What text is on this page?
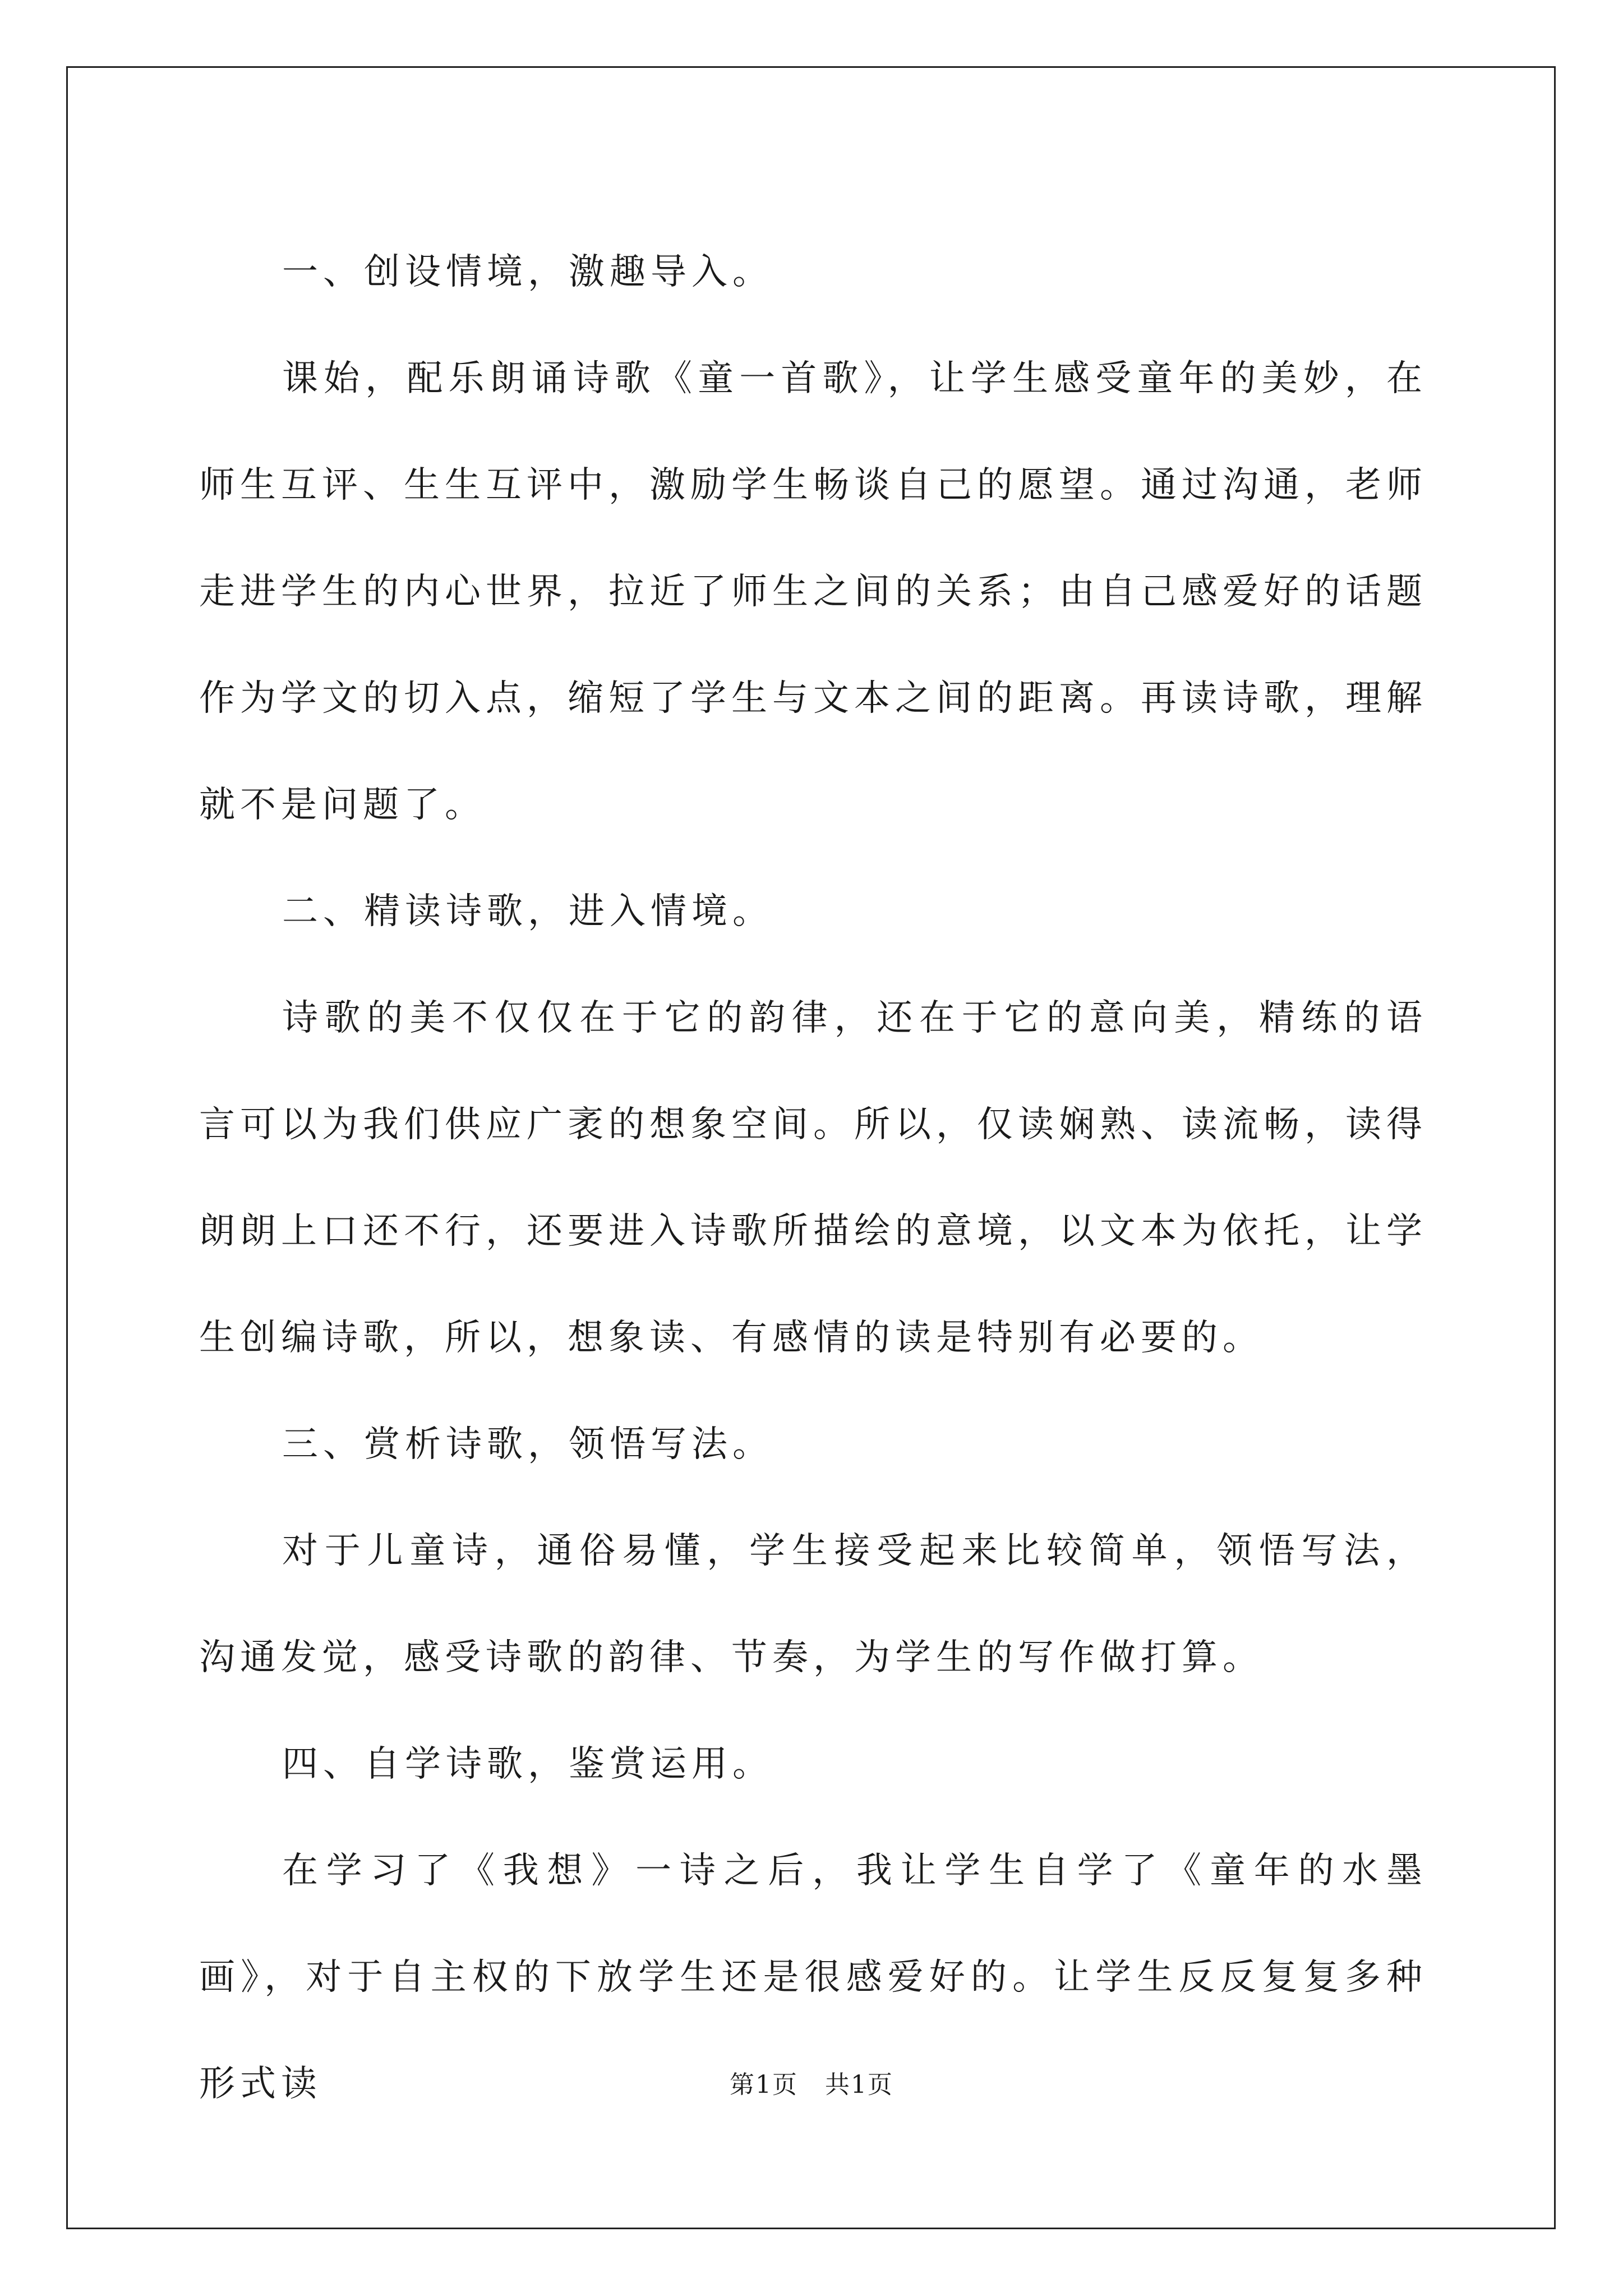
一、创设情境，激趣导入。

课始，配乐朗诵诗歌《童一首歌》，让学生感受童年的美妙，在师生互评、生生互评中，激励学生畅谈自己的愿望。通过沟通，老师走进学生的内心世界，拉近了师生之间的关系；由自己感爱好的话题作为学文的切入点，缩短了学生与文本之间的距离。再读诗歌，理解就不是问题了。

二、精读诗歌，进入情境。

诗歌的美不仅仅在于它的韵律，还在于它的意向美，精练的语言可以为我们供应广袤的想象空间。所以，仅读娴熟、读流畅，读得朗朗上口还不行，还要进入诗歌所描绘的意境，以文本为依托，让学生创编诗歌，所以，想象读、有感情的读是特别有必要的。

三、赏析诗歌，领悟写法。

对于儿童诗，通俗易懂，学生接受起来比较简单，领悟写法，沟通发觉，感受诗歌的韵律、节奏，为学生的写作做打算。

四、自学诗歌，鉴赏运用。

在学习了《我想》一诗之后，我让学生自学了《童年的水墨画》，对于自主权的下放学生还是很感爱好的。让学生反反复复多种形式读	第1页 共1页
